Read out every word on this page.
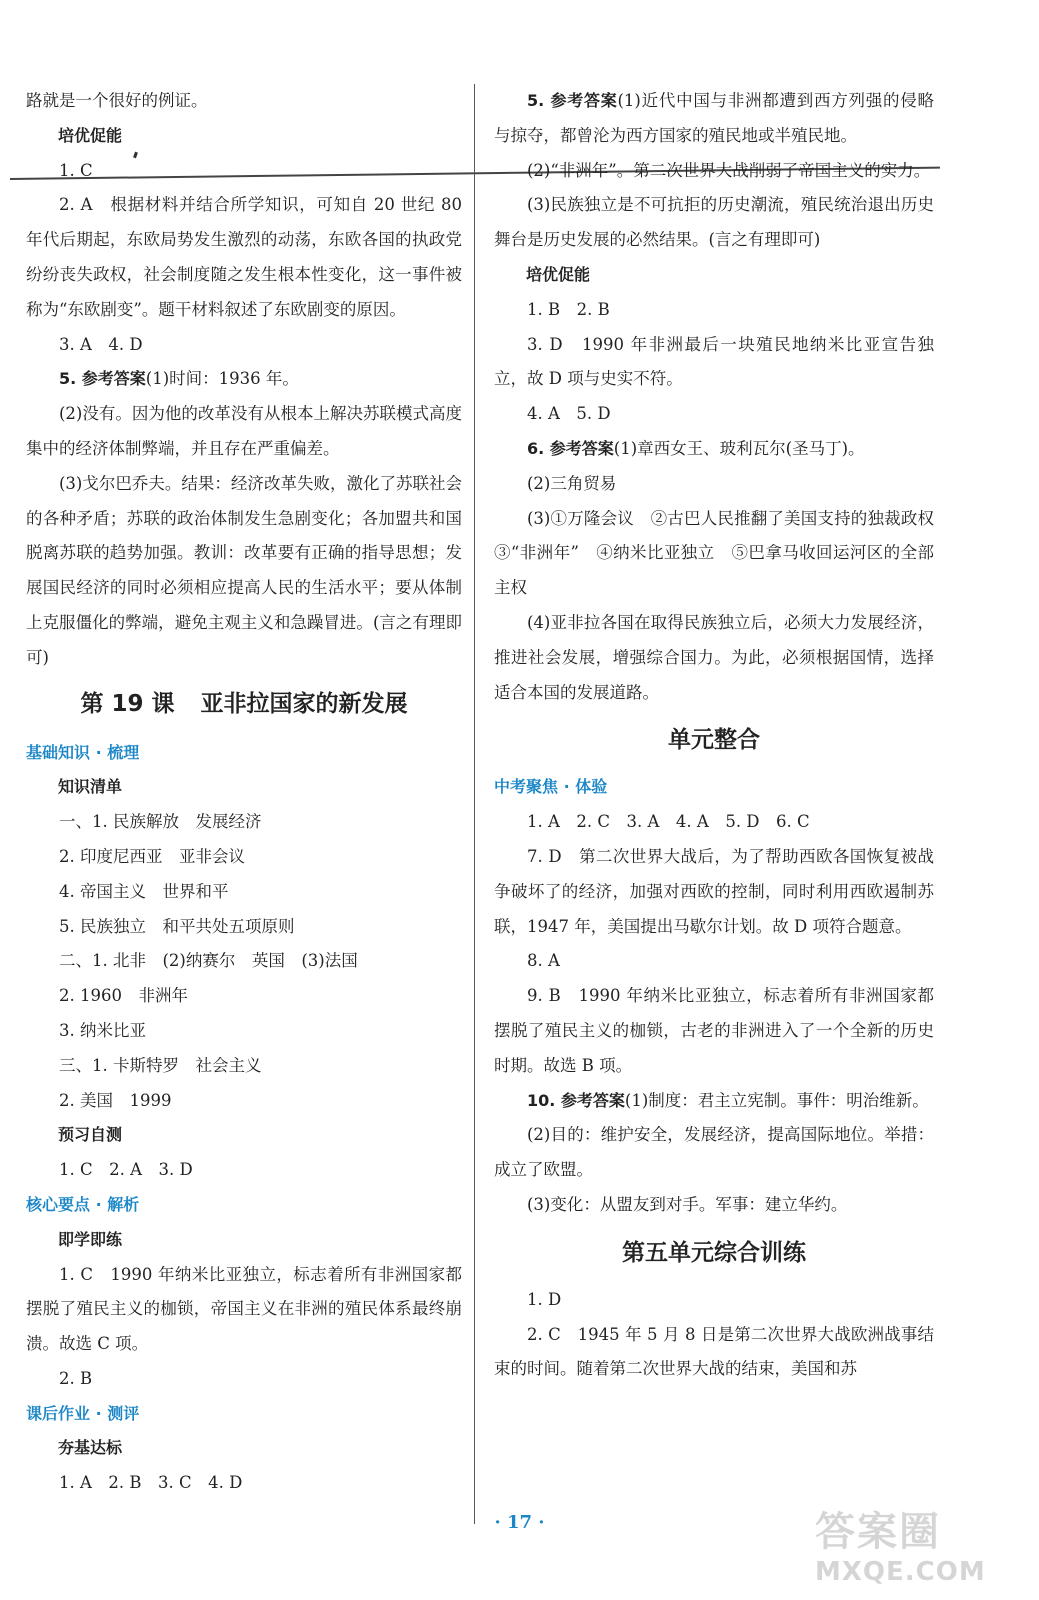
路就是一个很好的例证。

培优促能

1. C

2. A　根据材料并结合所学知识，可知自 20 世纪 80 年代后期起，东欧局势发生激烈的动荡，东欧各国的执政党纷纷丧失政权，社会制度随之发生根本性变化，这一事件被称为“东欧剧变”。题干材料叙述了东欧剧变的原因。

3. A　4. D

5. 参考答案(1)时间：1936 年。

(2)没有。因为他的改革没有从根本上解决苏联模式高度集中的经济体制弊端，并且存在严重偏差。

(3)戈尔巴乔夫。结果：经济改革失败，激化了苏联社会的各种矛盾；苏联的政治体制发生急剧变化；各加盟共和国脱离苏联的趋势加强。教训：改革要有正确的指导思想；发展国民经济的同时必须相应提高人民的生活水平；要从体制上克服僵化的弊端，避免主观主义和急躁冒进。(言之有理即可)

第 19 课 亚非拉国家的新发展

基础知识 · 梳理

知识清单

一、1. 民族解放　发展经济

2. 印度尼西亚　亚非会议

4. 帝国主义　世界和平

5. 民族独立　和平共处五项原则

二、1. 北非　(2)纳赛尔　英国　(3)法国

2. 1960　非洲年

3. 纳米比亚

三、1. 卡斯特罗　社会主义

2. 美国　1999

预习自测

1. C　2. A　3. D

核心要点 · 解析

即学即练

1. C　1990 年纳米比亚独立，标志着所有非洲国家都摆脱了殖民主义的枷锁，帝国主义在非洲的殖民体系最终崩溃。故选 C 项。

2. B

课后作业 · 测评

夯基达标

1. A　2. B　3. C　4. D

5. 参考答案(1)近代中国与非洲都遭到西方列强的侵略与掠夺，都曾沦为西方国家的殖民地或半殖民地。

(2)“非洲年”。第二次世界大战削弱了帝国主义的实力。

(3)民族独立是不可抗拒的历史潮流，殖民统治退出历史舞台是历史发展的必然结果。(言之有理即可)

培优促能

1. B　2. B

3. D　1990 年非洲最后一块殖民地纳米比亚宣告独立，故 D 项与史实不符。

4. A　5. D

6. 参考答案(1)章西女王、玻利瓦尔(圣马丁)。

(2)三角贸易

(3)①万隆会议　②古巴人民推翻了美国支持的独裁政权　③“非洲年”　④纳米比亚独立　⑤巴拿马收回运河区的全部主权

(4)亚非拉各国在取得民族独立后，必须大力发展经济，推进社会发展，增强综合国力。为此，必须根据国情，选择适合本国的发展道路。

单元整合

中考聚焦 · 体验

1. A　2. C　3. A　4. A　5. D　6. C

7. D　第二次世界大战后，为了帮助西欧各国恢复被战争破坏了的经济，加强对西欧的控制，同时利用西欧遏制苏联，1947 年，美国提出马歇尔计划。故 D 项符合题意。

8. A

9. B　1990 年纳米比亚独立，标志着所有非洲国家都摆脱了殖民主义的枷锁，古老的非洲进入了一个全新的历史时期。故选 B 项。

10. 参考答案(1)制度：君主立宪制。事件：明治维新。

(2)目的：维护安全，发展经济，提高国际地位。举措：成立了欧盟。

(3)变化：从盟友到对手。军事：建立华约。

第五单元综合训练

1. D

2. C　1945 年 5 月 8 日是第二次世界大战欧洲战事结束的时间。随着第二次世界大战的结束，美国和苏

· 17 ·	答案圈
MXQE.COM
